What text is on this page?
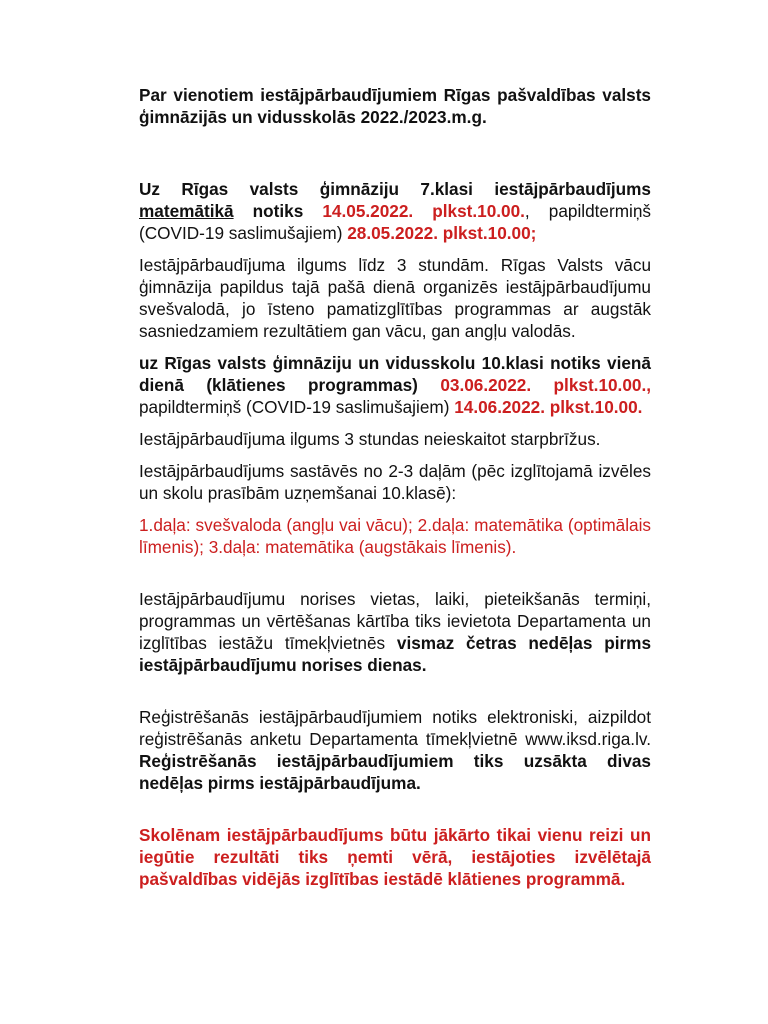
Par vienotiem iestājpārbaudījumiem Rīgas pašvaldības valsts ģimnāzijās un vidusskolās 2022./2023.m.g.

Uz Rīgas valsts ģimnāziju 7.klasi iestājpārbaudījums matemātikā notiks 14.05.2022. plkst.10.00., papildtermiņš (COVID-19 saslimušajiem) 28.05.2022. plkst.10.00;

Iestājpārbaudījuma ilgums līdz 3 stundām. Rīgas Valsts vācu ģimnāzija papildus tajā pašā dienā organizēs iestājpārbaudījumu svešvalodā, jo īsteno pamatizglītības programmas ar augstāk sasniedzamiem rezultātiem gan vācu, gan angļu valodās.

uz Rīgas valsts ģimnāziju un vidusskolu 10.klasi notiks vienā dienā (klātienes programmas) 03.06.2022. plkst.10.00., papildtermiņš (COVID-19 saslimušajiem) 14.06.2022. plkst.10.00.

Iestājpārbaudījuma ilgums 3 stundas neieskaitot starpbrīžus.

Iestājpārbaudījums sastāvēs no 2-3 daļām (pēc izglītojamā izvēles un skolu prasībām uzņemšanai 10.klasē):

1.daļa: svešvaloda (angļu vai vācu); 2.daļa: matemātika (optimālais līmenis); 3.daļa: matemātika (augstākais līmenis).

Iestājpārbaudījumu norises vietas, laiki, pieteikšanās termiņi, programmas un vērtēšanas kārtība tiks ievietota Departamenta un izglītības iestāžu tīmekļvietnēs vismaz četras nedēļas pirms iestājpārbaudījumu norises dienas.

Reģistrēšanās iestājpārbaudījumiem notiks elektroniski, aizpildot reģistrēšanās anketu Departamenta tīmekļvietnē www.iksd.riga.lv. Reģistrēšanās iestājpārbaudījumiem tiks uzsākta divas nedēļas pirms iestājpārbaudījuma.

Skolēnam iestājpārbaudījums būtu jākārto tikai vienu reizi un iegūtie rezultāti tiks ņemti vērā, iestājoties izvēlētajā pašvaldības vidējās izglītības iestādē klātienes programmā.
